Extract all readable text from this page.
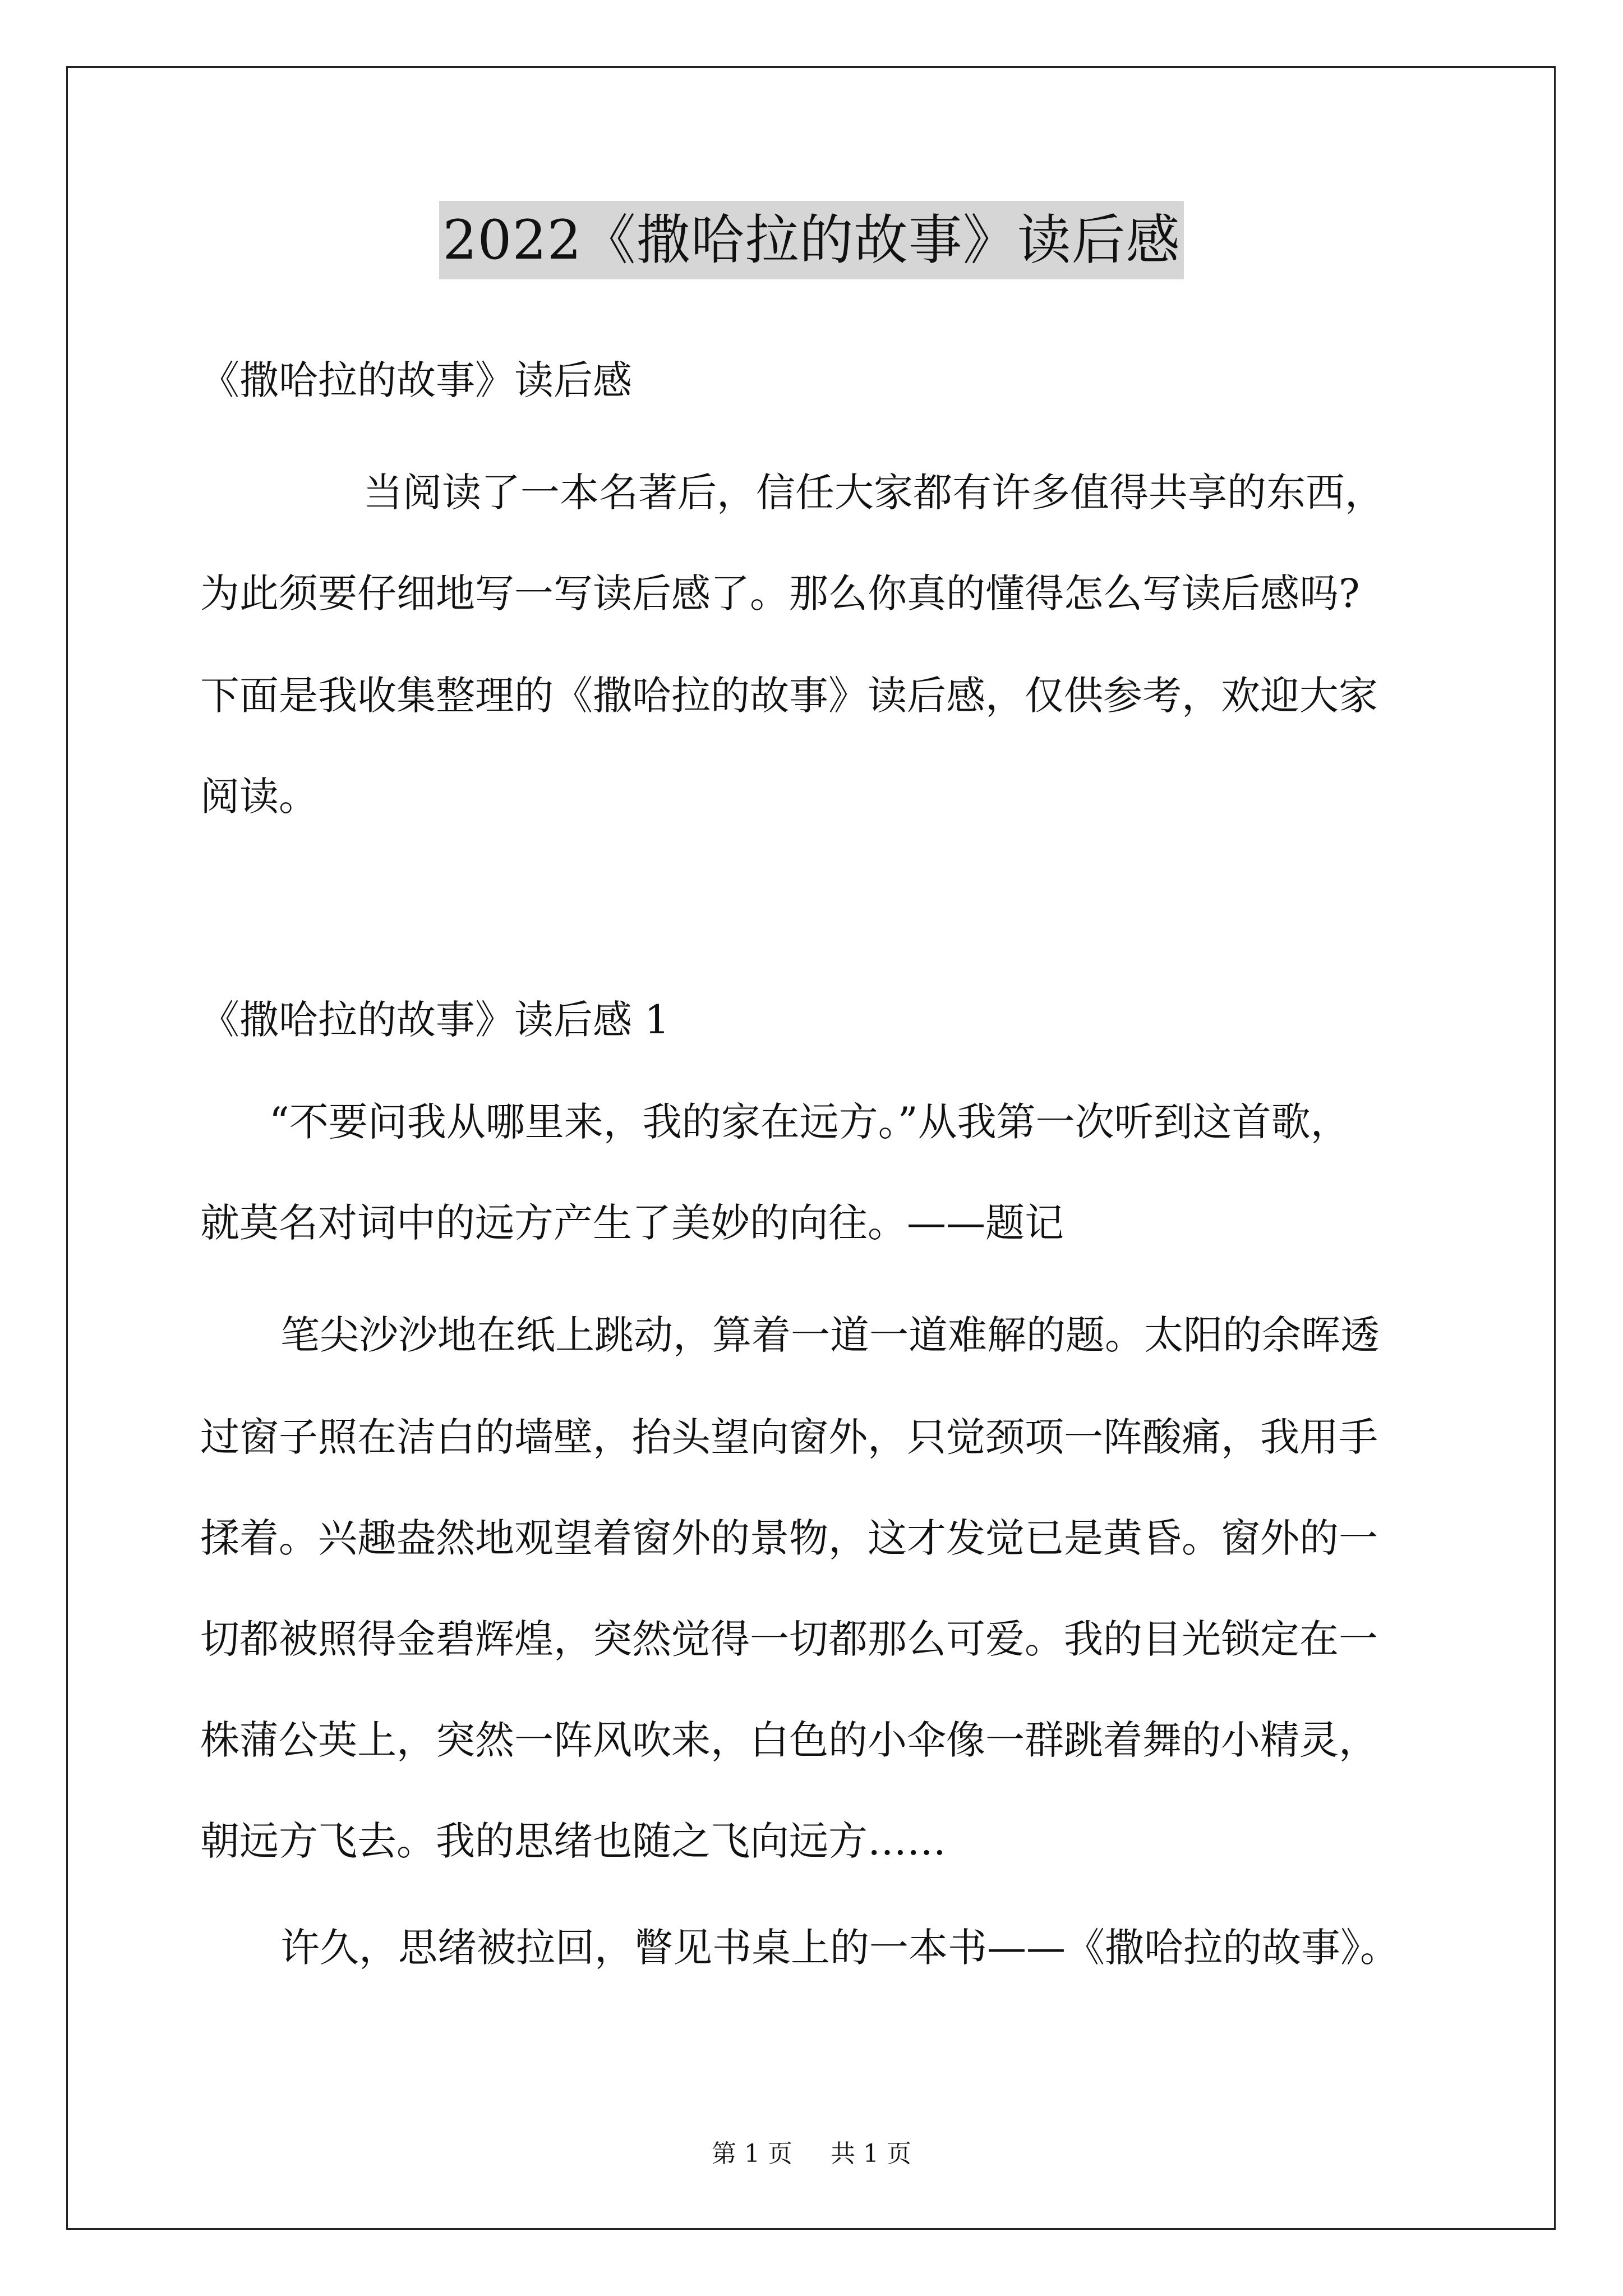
2022《撒哈拉的故事》读后感
《撒哈拉的故事》读后感
当阅读了一本名著后，信任大家都有许多值得共享的东西，
为此须要仔细地写一写读后感了。那么你真的懂得怎么写读后感吗?
下面是我收集整理的《撒哈拉的故事》读后感，仅供参考，欢迎大家
阅读。
《撒哈拉的故事》读后感 1
“不要问我从哪里来，我的家在远方。”从我第一次听到这首歌，
就莫名对词中的远方产生了美妙的向往。——题记
笔尖沙沙地在纸上跳动，算着一道一道难解的题。太阳的余晖透
过窗子照在洁白的墙壁，抬头望向窗外，只觉颈项一阵酸痛，我用手
揉着。兴趣盎然地观望着窗外的景物，这才发觉已是黄昏。窗外的一
切都被照得金碧辉煌，突然觉得一切都那么可爱。我的目光锁定在一
株蒲公英上，突然一阵风吹来，白色的小伞像一群跳着舞的小精灵，
朝远方飞去。我的思绪也随之飞向远方……
许久，思绪被拉回，瞥见书桌上的一本书——《撒哈拉的故事》。
第 1 页 共 1 页
